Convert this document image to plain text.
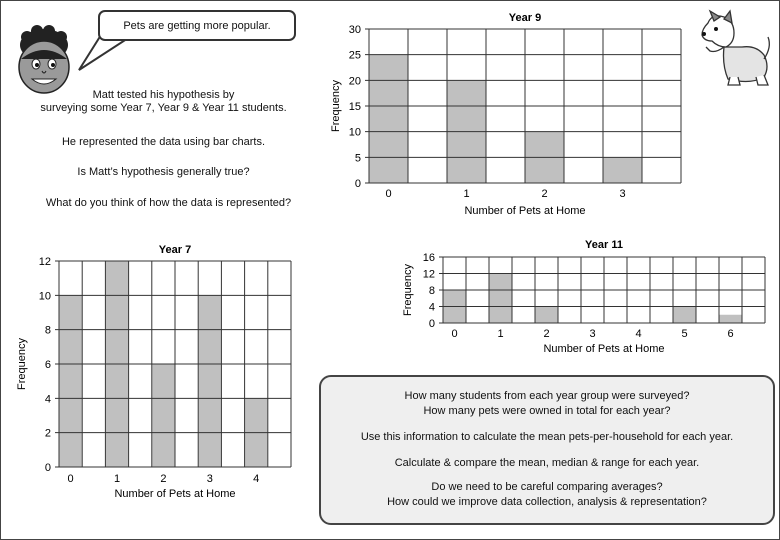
Pets are getting more popular.
Matt tested his hypothesis by
surveying some Year 7, Year 9 & Year 11 students.
He represented the data using bar charts.
Is Matt’s hypothesis generally true?
What do you think of how the data is represented?
Year 9
0
5
10
15
20
25
30
0	1	2	3
Number of Pets at Home
Frequency
Year 7
0
2
4
6
8
10
12
0	1	2	3	4
Number of Pets at Home
Frequency
Year 11
0
4
8
12
16
0	1	2	3	4	5	6
Number of Pets at Home
Frequency
How many students from each year group were surveyed?
How many pets were owned in total for each year?
Use this information to calculate the mean pets-per-household for each year.
Calculate & compare the mean, median & range for each year.
Do we need to be careful comparing averages?
How could we improve data collection, analysis & representation?
